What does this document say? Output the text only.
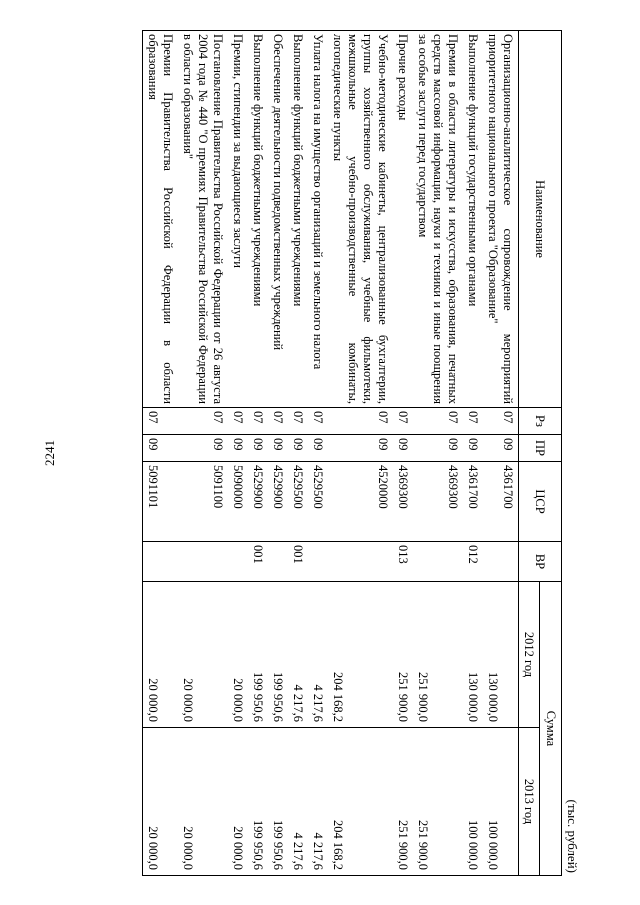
2241
(тыс. рублей)
Наименование	Рз	ПР	ЦСР	ВР	Сумма	
					2012 год	2013 год
Организационно-аналитическое сопровождение мероприятий приоритетного национального проекта "Образование"	07	09	4361700		130 000,0	100 000,0
Выполнение функций государственными органами	07	09	4361700	012	130 000,0	100 000,0
Премии в области литературы и искусства, образования, печатных средств массовой информации, науки и техники и иные поощрения за особые заслуги перед государством	07	09	4369300		251 900,0	251 900,0
Прочие расходы	07	09	4369300	013	251 900,0	251 900,0
Учебно-методические кабинеты, централизованные бухгалтерии, группы хозяйственного обслуживания, учебные фильмотеки, межшкольные учебно-производственные комбинаты, логопедические пункты	07	09	4520000		204 168,2	204 168,2
Уплата налога на имущество организаций и земельного налога	07	09	4529500		4 217,6	4 217,6
Выполнение функций бюджетными учреждениями	07	09	4529500	001	4 217,6	4 217,6
Обеспечение деятельности подведомственных учреждений	07	09	4529900		199 950,6	199 950,6
Выполнение функций бюджетными учреждениями	07	09	4529900	001	199 950,6	199 950,6
Премии, стипендии за выдающиеся заслуги	07	09	5090000		20 000,0	20 000,0
Постановление Правительства Российской Федерации от 26 августа 2004 года № 440 "О премиях Правительства Российской Федерации в области образования"	07	09	5091100		20 000,0	20 000,0
Премии Правительства Российской Федерации в области образования	07	09	5091101		20 000,0	20 000,0
